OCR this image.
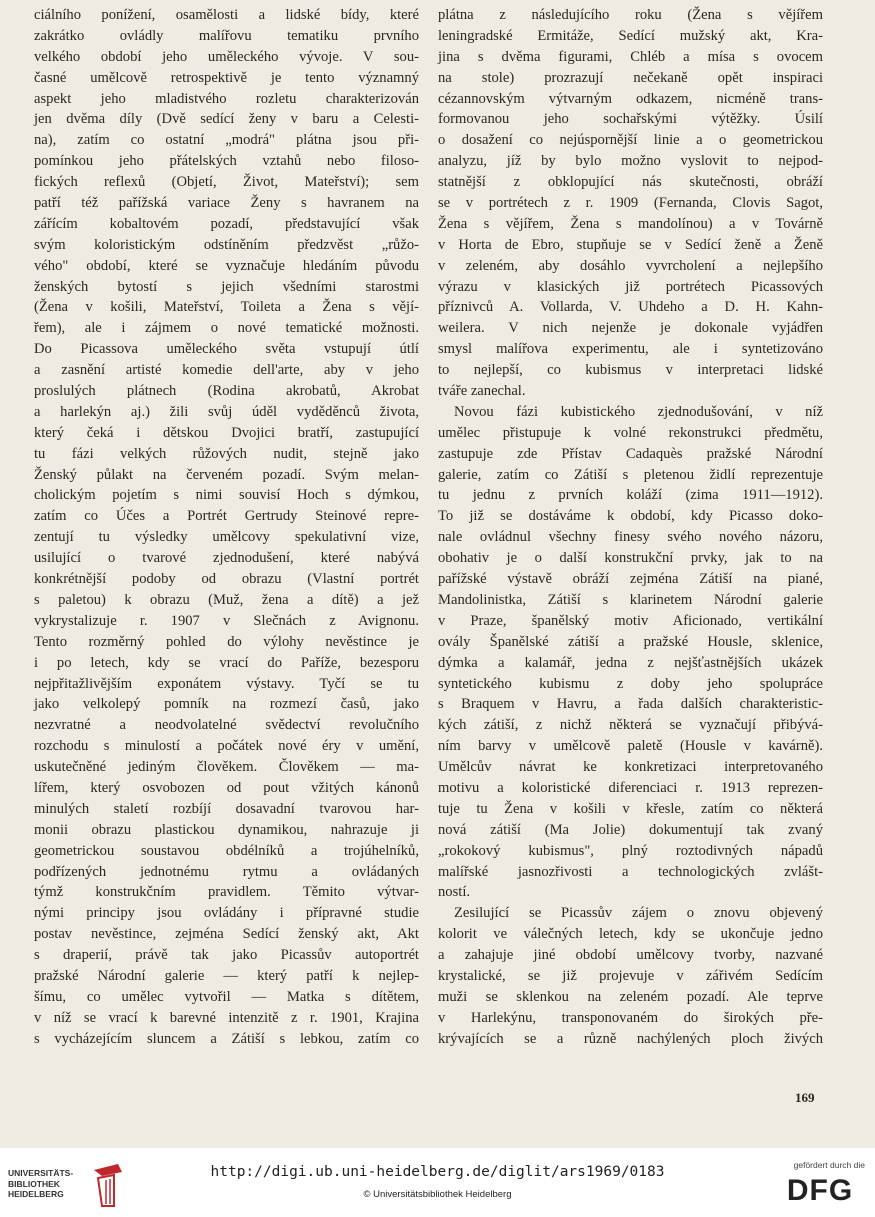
ciálního ponížení, osamělosti a lidské bídy, které
zakrátko ovládly malířovu tematiku prvního
velkého období jeho uměleckého vývoje. V sou-
časné umělcově retrospektivě je tento významný
aspekt jeho mladistvého rozletu charakterizován
jen dvěma díly (Dvě sedící ženy v baru a Celesti-
na), zatím co ostatní „modrá" plátna jsou při-
pomínkou jeho přátelských vztahů nebo filoso-
fických reflexů (Objetí, Život, Mateřství); sem
patří též pařížská variace Ženy s havranem na
zářícím kobaltovém pozadí, představující však
svým koloristickým odstíněním předzvěst „růžo-
vého" období, které se vyznačuje hledáním původu
ženských bytostí s jejich všedními starostmi
(Žena v košili, Mateřství, Toileta a Žena s vějí-
řem), ale i zájmem o nové tematické možnosti.
Do Picassova uměleckého světa vstupují útlí
a zasnění artisté komedie dell'arte, aby v jeho
proslulých plátnech (Rodina akrobatů, Akrobat
a harlekýn aj.) žili svůj úděl vyděděnců života,
který čeká i dětskou Dvojici bratří, zastupující
tu fázi velkých růžových nudit, stejně jako
Ženský půlakt na červeném pozadí. Svým melan-
cholickým pojetím s nimi souvisí Hoch s dýmkou,
zatím co Účes a Portrét Gertrudy Steinové repre-
zentují tu výsledky umělcovy spekulativní vize,
usilující o tvarové zjednodušení, které nabývá
konkrétnější podoby od obrazu (Vlastní portrét
s paletou) k obrazu (Muž, žena a dítě) a jež
vykrystalizuje r. 1907 v Slečnách z Avignonu.
Tento rozměrný pohled do výlohy nevěstince je
i po letech, kdy se vrací do Paříže, bezesporu
nejpřitažlivějším exponátem výstavy. Tyčí se tu
jako velkolepý pomník na rozmezí časů, jako
nezvratné a neodvolatelné svědectví revolučního
rozchodu s minulostí a počátek nové éry v umění,
uskutečněné jediným člověkem. Člověkem — ma-
lířem, který osvobozen od pout vžitých kánonů
minulých staletí rozbíjí dosavadní tvarovou har-
monii obrazu plastickou dynamikou, nahrazuje ji
geometrickou soustavou obdélníků a trojúhelníků,
podřízených jednotnému rytmu a ovládaných
týmž konstrukčním pravidlem. Těmito výtvar-
nými principy jsou ovládány i přípravné studie
postav nevěstince, zejména Sedící ženský akt, Akt
s draperií, právě tak jako Picassův autoportrét
pražské Národní galerie — který patří k nejlep-
šímu, co umělec vytvořil — Matka s dítětem,
v níž se vrací k barevné intenzitě z r. 1901, Krajina
s vycházejícím sluncem a Zátiší s lebkou, zatím co
plátna z následujícího roku (Žena s vějířem
leningradské Ermitáže, Sedící mužský akt, Kra-
jina s dvěma figurami, Chléb a mísa s ovocem
na stole) prozrazují nečekaně opět inspiraci
cézannovským výtvarným odkazem, nicméně trans-
formovanou jeho sochařskými výtěžky. Úsilí
o dosažení co nejúspornější linie a o geometrickou
analyzu, jíž by bylo možno vyslovit to nejpod-
statnější z obklopující nás skutečnosti, obráží
se v portrétech z r. 1909 (Fernanda, Clovis Sagot,
Žena s vějířem, Žena s mandolínou) a v Továrně
v Horta de Ebro, stupňuje se v Sedící ženě a Ženě
v zeleném, aby dosáhlo vyvrcholení a nejlepšího
výrazu v klasických již portrétech Picassových
příznivců A. Vollarda, V. Uhdeho a D. H. Kahn-
weilera. V nich nejenže je dokonale vyjádřen
smysl malířova experimentu, ale i syntetizováno
to nejlepší, co kubismus v interpretaci lidské
tváře zanechal.
Novou fázi kubistického zjednodušování, v níž
umělec přistupuje k volné rekonstrukci předmětu,
zastupuje zde Přístav Cadaquès pražské Národní
galerie, zatím co Zátiší s pletenou židlí reprezentuje
tu jednu z prvních koláží (zima 1911—1912).
To již se dostáváme k období, kdy Picasso doko-
nale ovládnul všechny finesy svého nového názoru,
obohativ je o další konstrukční prvky, jak to na
pařížské výstavě obráží zejména Zátiší na piané,
Mandolinistka, Zátiší s klarinetem Národní galerie
v Praze, španělský motiv Aficionado, vertikální
ovály Španělské zátiší a pražské Housle, sklenice,
dýmka a kalamář, jedna z nejšťastnějších ukázek
syntetického kubismu z doby jeho spolupráce
s Braquem v Havru, a řada dalších charakteristic-
kých zátiší, z nichž některá se vyznačují přibývá-
ním barvy v umělcově paletě (Housle v kavárně).
Umělcův návrat ke konkretizaci interpretovaného
motivu a koloristické diferenciaci r. 1913 reprezen-
tuje tu Žena v košili v křesle, zatím co některá
nová zátiší (Ma Jolie) dokumentují tak zvaný
„rokokový kubismus", plný roztodivných nápadů
malířské jasnozřivosti a technologických zvlášt-
ností.
Zesilující se Picassův zájem o znovu objevený
kolorit ve válečných letech, kdy se ukončuje jedno
a zahajuje jiné období umělcovy tvorby, nazvané
krystalické, se již projevuje v zářivém Sedícím
muži se sklenkou na zeleném pozadí. Ale teprve
v Harlekýnu, transponovaném do širokých pře-
krývajících se a různě nachýlených ploch živých
169
UNIVERSITÄTS-
BIBLIOTHEK
HEIDELBERG
http://digi.ub.uni-heidelberg.de/diglit/ars1969/0183
© Universitätsbibliothek Heidelberg
gefördert durch die
DFG
